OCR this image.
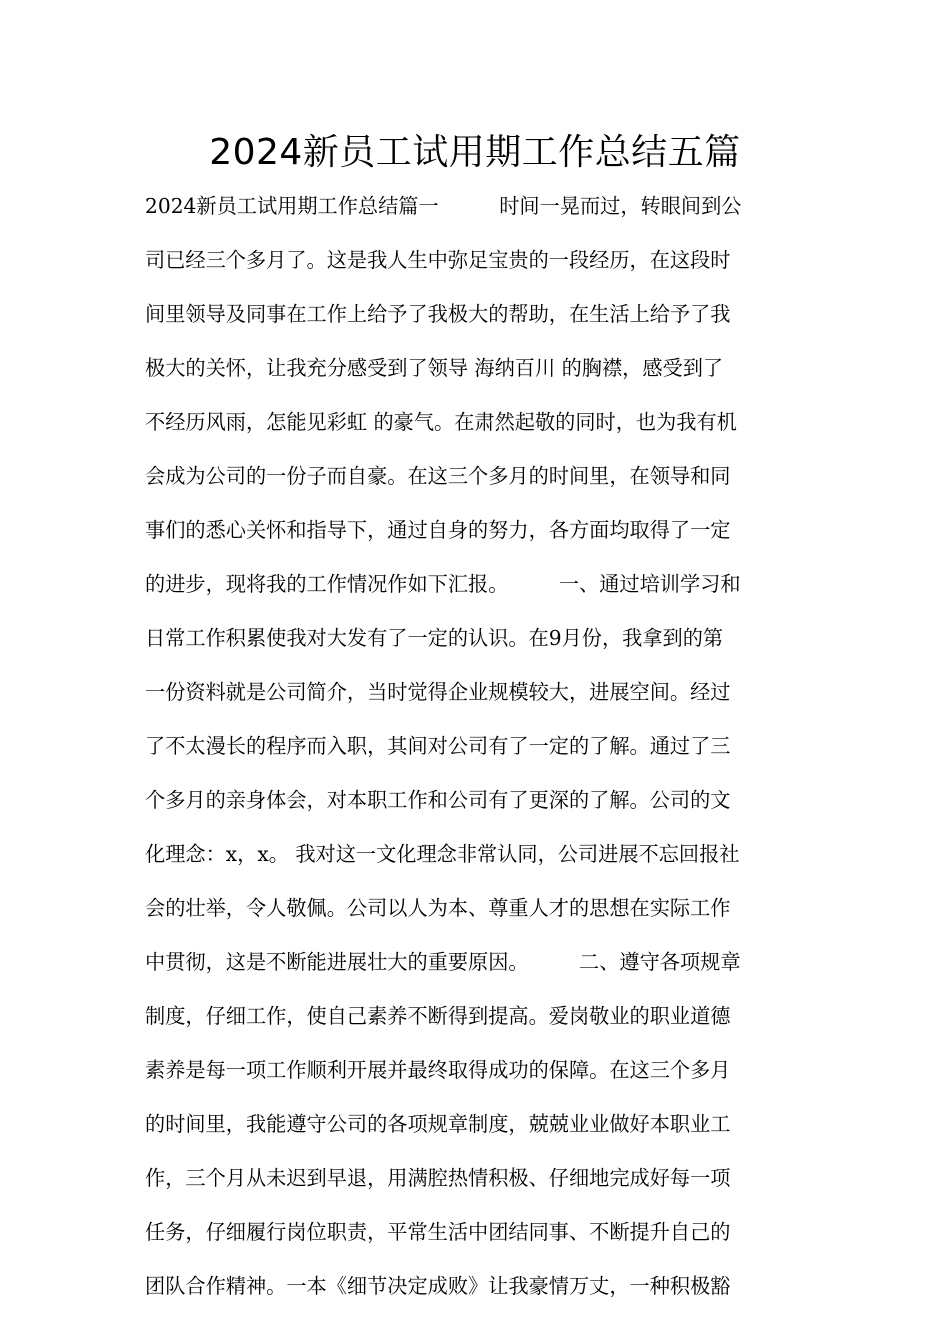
2024新员工试用期工作总结五篇

2024新员工试用期工作总结篇一　　　时间一晃而过，转眼间到公

司已经三个多月了。这是我人生中弥足宝贵的一段经历，在这段时

间里领导及同事在工作上给予了我极大的帮助，在生活上给予了我

极大的关怀，让我充分感受到了领导 海纳百川 的胸襟，感受到了

不经历风雨，怎能见彩虹 的豪气。在肃然起敬的同时，也为我有机

会成为公司的一份子而自豪。在这三个多月的时间里，在领导和同

事们的悉心关怀和指导下，通过自身的努力，各方面均取得了一定

的进步，现将我的工作情况作如下汇报。　　　一、通过培训学习和

日常工作积累使我对大发有了一定的认识。在9月份，我拿到的第

一份资料就是公司简介，当时觉得企业规模较大，进展空间。经过

了不太漫长的程序而入职，其间对公司有了一定的了解。通过了三

个多月的亲身体会，对本职工作和公司有了更深的了解。公司的文

化理念：x，x。 我对这一文化理念非常认同，公司进展不忘回报社

会的壮举，令人敬佩。公司以人为本、尊重人才的思想在实际工作

中贯彻，这是不断能进展壮大的重要原因。　　　二、遵守各项规章

制度，仔细工作，使自己素养不断得到提高。爱岗敬业的职业道德

素养是每一项工作顺利开展并最终取得成功的保障。在这三个多月

的时间里，我能遵守公司的各项规章制度，兢兢业业做好本职业工

作，三个月从未迟到早退，用满腔热情积极、仔细地完成好每一项

任务，仔细履行岗位职责，平常生活中团结同事、不断提升自己的

团队合作精神。一本《细节决定成败》让我豪情万丈，一种积极豁
